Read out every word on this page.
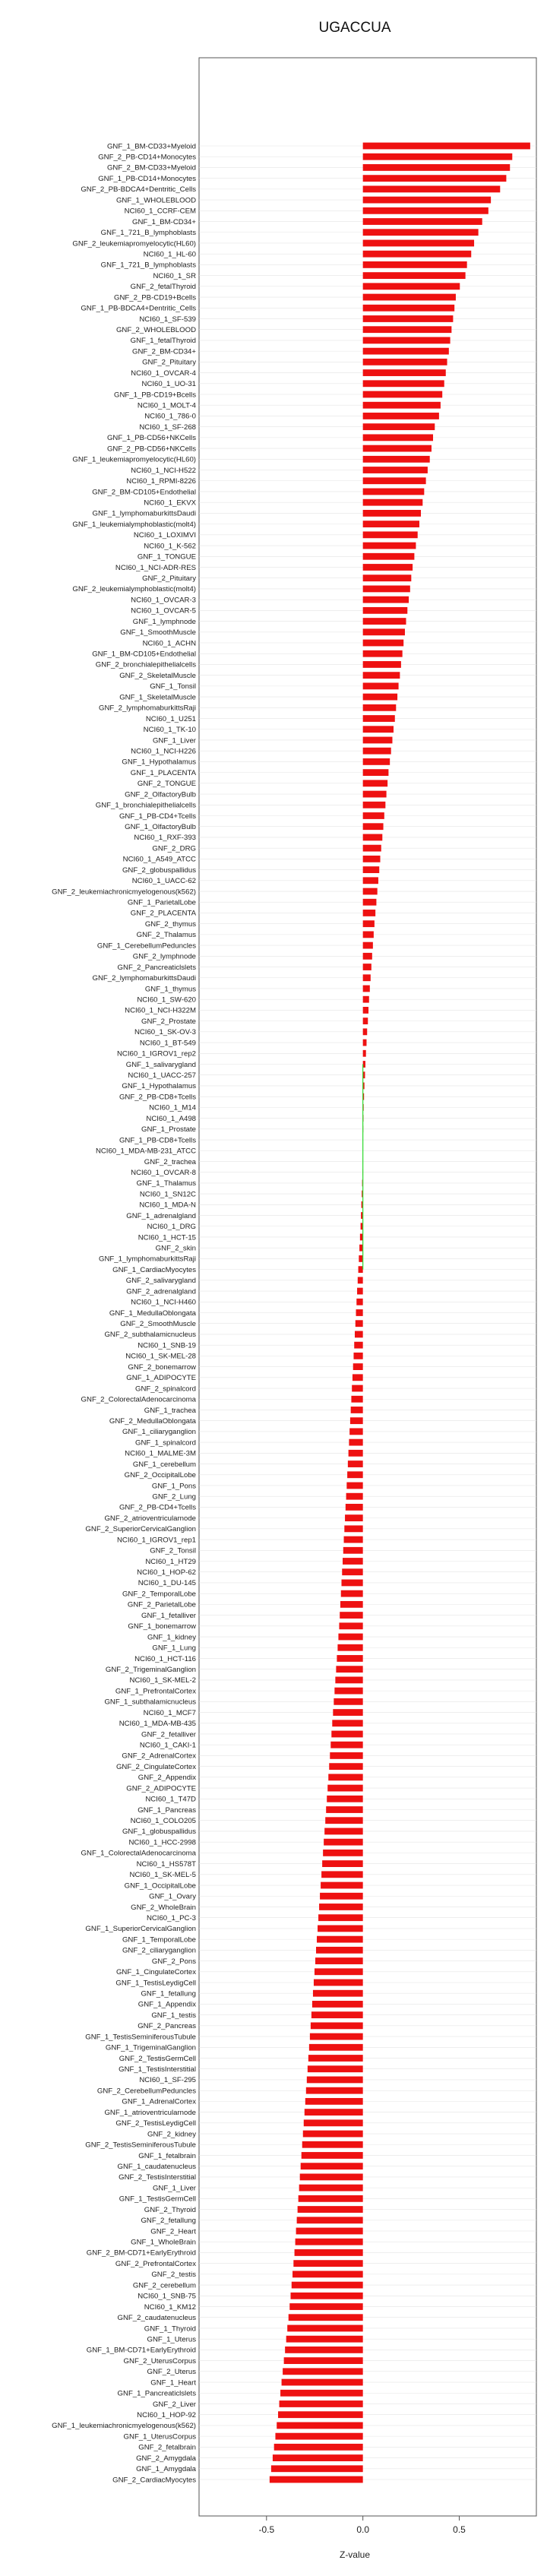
UGACCUA
GNF_1_BM-CD33+Myeloid
GNF_2_PB-CD14+Monocytes
GNF_2_BM-CD33+Myeloid
GNF_1_PB-CD14+Monocytes
GNF_2_PB-BDCA4+Dentritic_Cells
GNF_1_WHOLEBLOOD
NCI60_1_CCRF-CEM
GNF_1_BM-CD34+
GNF_1_721_B_lymphoblasts
GNF_2_leukemiapromyelocytic(HL60)
NCI60_1_HL-60
GNF_1_721_B_lymphoblasts
NCI60_1_SR
GNF_2_fetalThyroid
GNF_2_PB-CD19+Bcells
GNF_1_PB-BDCA4+Dentritic_Cells
NCI60_1_SF-539
GNF_2_WHOLEBLOOD
GNF_1_fetalThyroid
GNF_2_BM-CD34+
GNF_2_Pituitary
NCI60_1_OVCAR-4
NCI60_1_UO-31
GNF_1_PB-CD19+Bcells
NCI60_1_MOLT-4
NCI60_1_786-0
NCI60_1_SF-268
GNF_1_PB-CD56+NKCells
GNF_2_PB-CD56+NKCells
GNF_1_leukemiapromyelocytic(HL60)
NCI60_1_NCI-H522
NCI60_1_RPMI-8226
GNF_2_BM-CD105+Endothelial
NCI60_1_EKVX
GNF_1_lymphomaburkittsDaudi
GNF_1_leukemialymphoblastic(molt4)
NCI60_1_LOXIMVI
NCI60_1_K-562
GNF_1_TONGUE
NCI60_1_NCI-ADR-RES
GNF_2_Pituitary
GNF_2_leukemialymphoblastic(molt4)
NCI60_1_OVCAR-3
NCI60_1_OVCAR-5
GNF_1_lymphnode
GNF_1_SmoothMuscle
NCI60_1_ACHN
GNF_1_BM-CD105+Endothelial
GNF_2_bronchialepithelialcells
GNF_2_SkeletalMuscle
GNF_1_Tonsil
GNF_1_SkeletalMuscle
GNF_2_lymphomaburkittsRaji
NCI60_1_U251
NCI60_1_TK-10
GNF_1_Liver
NCI60_1_NCI-H226
GNF_1_Hypothalamus
GNF_1_PLACENTA
GNF_2_TONGUE
GNF_2_OlfactoryBulb
GNF_1_bronchialepithelialcells
GNF_1_PB-CD4+Tcells
GNF_1_OlfactoryBulb
NCI60_1_RXF-393
GNF_2_DRG
NCI60_1_A549_ATCC
GNF_2_globuspallidus
NCI60_1_UACC-62
GNF_2_leukemiachronicmyelogenous(k562)
GNF_1_ParietalLobe
GNF_2_PLACENTA
GNF_2_thymus
GNF_2_Thalamus
GNF_1_CerebellumPeduncles
GNF_2_lymphnode
GNF_2_Pancreaticlslets
GNF_2_lymphomaburkittsDaudi
GNF_1_thymus
NCI60_1_SW-620
NCI60_1_NCI-H322M
GNF_2_Prostate
NCI60_1_SK-OV-3
NCI60_1_BT-549
NCI60_1_IGROV1_rep2
GNF_1_salivarygland
NCI60_1_UACC-257
GNF_1_Hypothalamus
GNF_2_PB-CD8+Tcells
NCI60_1_M14
NCI60_1_A498
GNF_1_Prostate
GNF_1_PB-CD8+Tcells
NCI60_1_MDA-MB-231_ATCC
GNF_2_trachea
NCI60_1_OVCAR-8
GNF_1_Thalamus
NCI60_1_SN12C
NCI60_1_MDA-N
GNF_1_adrenalgland
NCI60_1_DRG
NCI60_1_HCT-15
GNF_2_skin
GNF_1_lymphomaburkittsRaji
GNF_1_CardiacMyocytes
GNF_2_salivarygland
GNF_2_adrenalgland
NCI60_1_NCI-H460
GNF_1_MedullaOblongata
GNF_2_SmoothMuscle
GNF_2_subthalamicnucleus
NCI60_1_SNB-19
NCI60_1_SK-MEL-28
GNF_2_bonemarrow
GNF_1_ADIPOCYTE
GNF_2_spinalcord
GNF_2_ColorectalAdenocarcinoma
GNF_1_trachea
GNF_2_MedullaOblongata
GNF_1_ciliaryganglion
GNF_1_spinalcord
NCI60_1_MALME-3M
GNF_1_cerebellum
GNF_2_OccipitalLobe
GNF_1_Pons
GNF_2_Lung
GNF_2_PB-CD4+Tcells
GNF_2_atrioventricularnode
GNF_2_SuperiorCervicalGanglion
NCI60_1_IGROV1_rep1
GNF_2_Tonsil
NCI60_1_HT29
NCI60_1_HOP-62
NCI60_1_DU-145
GNF_2_TemporalLobe
GNF_2_ParietalLobe
GNF_1_fetalliver
GNF_1_bonemarrow
GNF_1_kidney
GNF_1_Lung
NCI60_1_HCT-116
GNF_2_TrigeminalGanglion
NCI60_1_SK-MEL-2
GNF_1_PrefrontalCortex
GNF_1_subthalamicnucleus
NCI60_1_MCF7
NCI60_1_MDA-MB-435
GNF_2_fetalliver
NCI60_1_CAKI-1
GNF_2_AdrenalCortex
GNF_2_CingulateCortex
GNF_2_Appendix
GNF_2_ADIPOCYTE
NCI60_1_T47D
GNF_1_Pancreas
NCI60_1_COLO205
GNF_1_globuspallidus
NCI60_1_HCC-2998
GNF_1_ColorectalAdenocarcinoma
NCI60_1_HS578T
NCI60_1_SK-MEL-5
GNF_1_OccipitalLobe
GNF_1_Ovary
GNF_2_WholeBrain
NCI60_1_PC-3
GNF_1_SuperiorCervicalGanglion
GNF_1_TemporalLobe
GNF_2_ciliaryganglion
GNF_2_Pons
GNF_1_CingulateCortex
GNF_1_TestisLeydigCell
GNF_1_fetallung
GNF_1_Appendix
GNF_1_testis
GNF_2_Pancreas
GNF_1_TestisSeminiferousTubule
GNF_1_TrigeminalGanglion
GNF_2_TestisGermCell
GNF_1_TestisInterstitial
NCI60_1_SF-295
GNF_2_CerebellumPeduncles
GNF_1_AdrenalCortex
GNF_1_atrioventricularnode
GNF_2_TestisLeydigCell
GNF_2_kidney
GNF_2_TestisSeminiferousTubule
GNF_1_fetalbrain
GNF_1_caudatenucleus
GNF_2_TestisInterstitial
GNF_1_Liver
GNF_1_TestisGermCell
GNF_2_Thyroid
GNF_2_fetallung
GNF_2_Heart
GNF_1_WholeBrain
GNF_2_BM-CD71+EarlyErythroid
GNF_2_PrefrontalCortex
GNF_2_testis
GNF_2_cerebellum
NCI60_1_SNB-75
NCI60_1_KM12
GNF_2_caudatenucleus
GNF_1_Thyroid
GNF_1_Uterus
GNF_1_BM-CD71+EarlyErythroid
GNF_2_UterusCorpus
GNF_2_Uterus
GNF_1_Heart
GNF_1_Pancreaticlslets
GNF_2_Liver
NCI60_1_HOP-92
GNF_1_leukemiachronicmyelogenous(k562)
GNF_1_UterusCorpus
GNF_2_fetalbrain
GNF_2_Amygdala
GNF_1_Amygdala
GNF_2_CardiacMyocytes
-0.5	0.0	0.5
Z-value
